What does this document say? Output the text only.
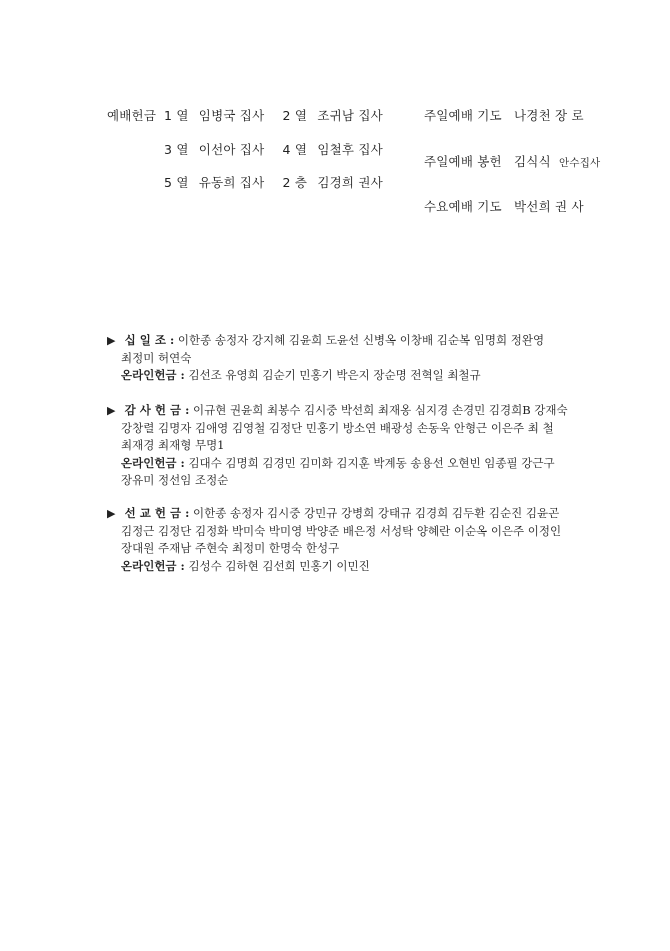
예배헌금 1 열 임병국 집사 2 열 조귀남 집사
3 열 이선아 집사 4 열 임철후 집사
5 열 유동희 집사 2 층 김경희 권사
주일예배 기도 나경천 장 로
주일예배 봉헌 김식식 안수집사
수요예배 기도 박선희 권 사
▶ 십 일 조 : 이한종 송정자 강지혜 김윤희 도윤선 신병옥 이창배 김순복 임명희 정완영
최정미 허연숙
온라인헌금 : 김선조 유영희 김순기 민홍기 박은지 장순명 전혁일 최철규
▶ 감 사 헌 금 : 이규현 권윤희 최봉수 김시중 박선희 최재옹 심지경 손경민 김경희B 강재숙
강창렬 김명자 김애영 김영철 김정단 민홍기 방소연 배광성 손동욱 안형근 이은주 최 철
최재경 최재형 무명1
온라인헌금 : 김대수 김명희 김경민 김미화 김지훈 박계동 송용선 오현빈 임종필 강근구
장유미 정선임 조정순
▶ 선 교 헌 금 : 이한종 송정자 김시중 강민규 강병희 강태규 김경희 김두환 김순진 김윤곤
김정근 김정단 김정화 박미숙 박미영 박양준 배은정 서성탁 양혜란 이순옥 이은주 이정인
장대원 주재남 주현숙 최정미 한명숙 한성구
온라인헌금 : 김성수 김하현 김선희 민홍기 이민진
